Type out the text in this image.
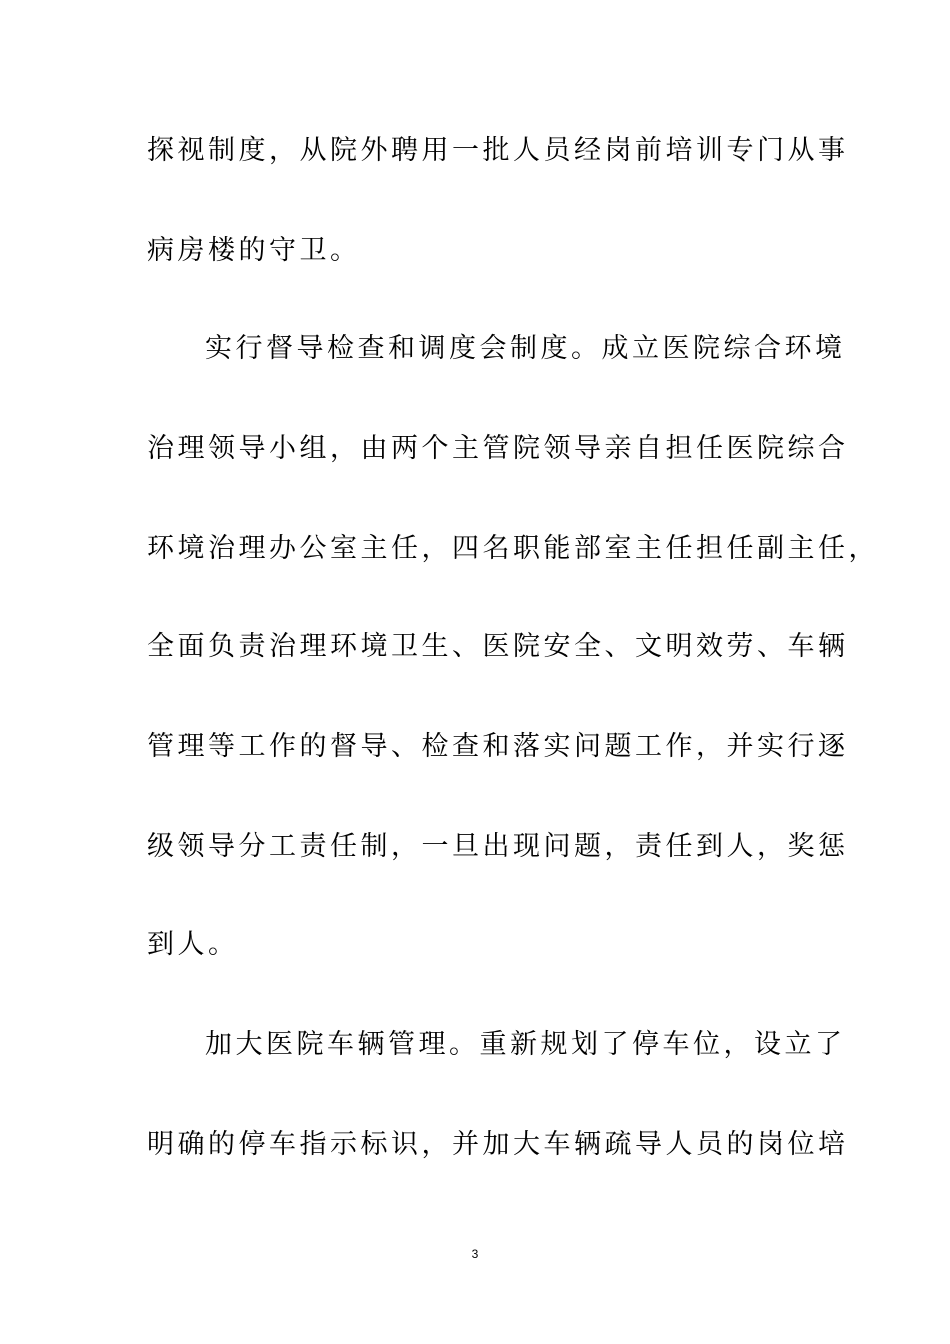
探视制度，从院外聘用一批人员经岗前培训专门从事
病房楼的守卫。
实行督导检查和调度会制度。成立医院综合环境
治理领导小组，由两个主管院领导亲自担任医院综合
环境治理办公室主任，四名职能部室主任担任副主任，
全面负责治理环境卫生、医院安全、文明效劳、车辆
管理等工作的督导、检查和落实问题工作，并实行逐
级领导分工责任制，一旦出现问题，责任到人，奖惩
到人。
加大医院车辆管理。重新规划了停车位，设立了
明确的停车指示标识，并加大车辆疏导人员的岗位培
3
